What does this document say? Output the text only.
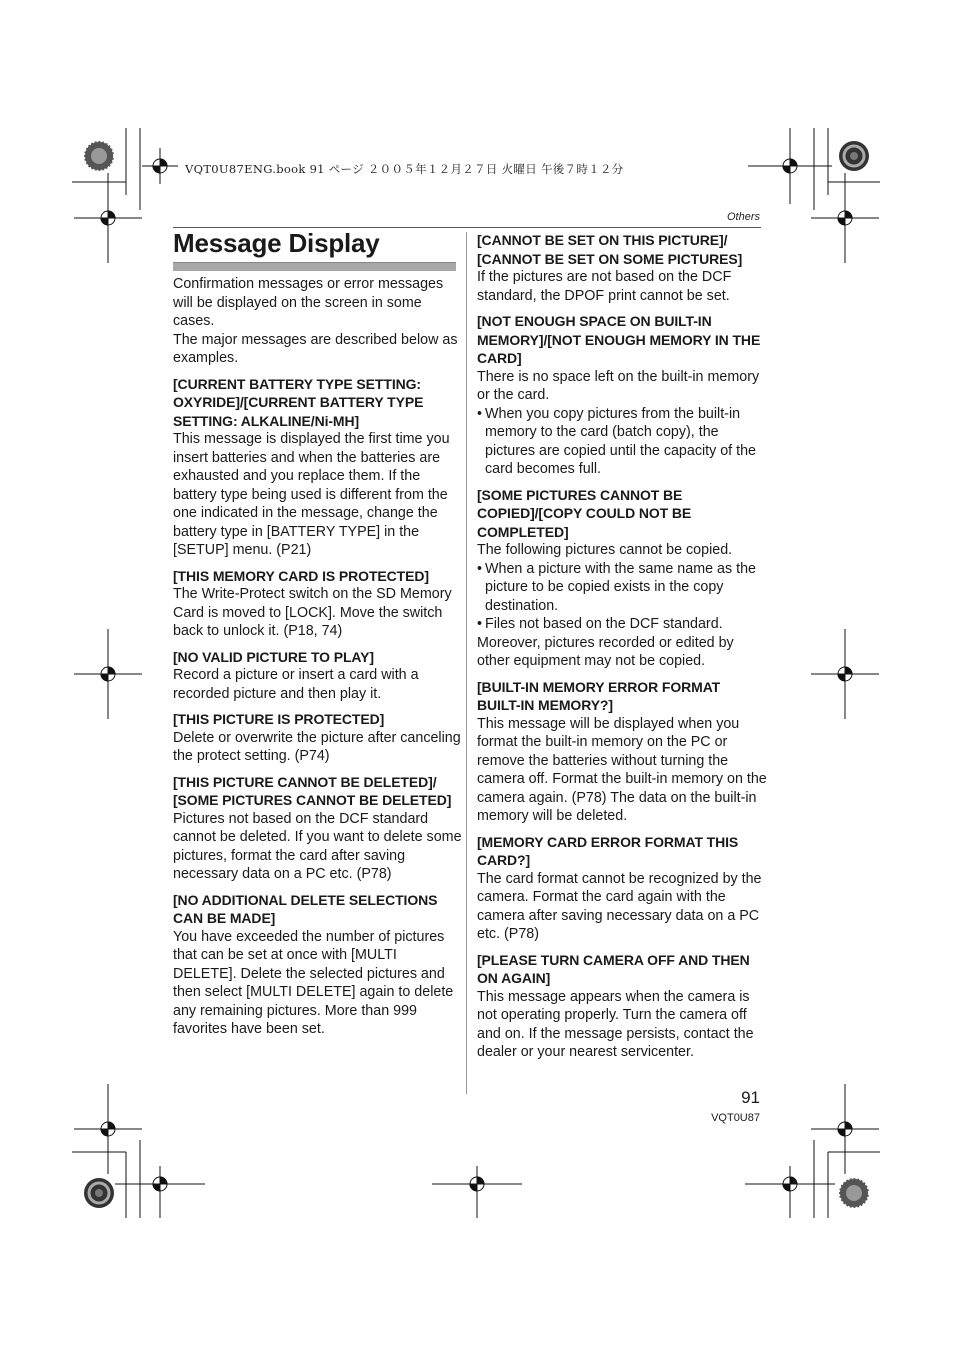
VQT0U87ENG.book 91 ページ ２００５年１２月２７日 火曜日 午後７時１２分
Others
Message Display

Confirmation messages or error messages will be displayed on the screen in some cases.

The major messages are described below as examples.

[CURRENT BATTERY TYPE SETTING: OXYRIDE]/[CURRENT BATTERY TYPE SETTING: ALKALINE/Ni-MH]

This message is displayed the first time you insert batteries and when the batteries are exhausted and you replace them. If the battery type being used is different from the one indicated in the message, change the battery type in [BATTERY TYPE] in the [SETUP] menu. (P21)

[THIS MEMORY CARD IS PROTECTED]

The Write-Protect switch on the SD Memory Card is moved to [LOCK]. Move the switch back to unlock it. (P18, 74)

[NO VALID PICTURE TO PLAY]

Record a picture or insert a card with a recorded picture and then play it.

[THIS PICTURE IS PROTECTED]

Delete or overwrite the picture after canceling the protect setting. (P74)

[THIS PICTURE CANNOT BE DELETED]/ [SOME PICTURES CANNOT BE DELETED]

Pictures not based on the DCF standard cannot be deleted. If you want to delete some pictures, format the card after saving necessary data on a PC etc. (P78)

[NO ADDITIONAL DELETE SELECTIONS CAN BE MADE]

You have exceeded the number of pictures that can be set at once with [MULTI DELETE]. Delete the selected pictures and then select [MULTI DELETE] again to delete any remaining pictures. More than 999 favorites have been set.

[CANNOT BE SET ON THIS PICTURE]/ [CANNOT BE SET ON SOME PICTURES]

If the pictures are not based on the DCF standard, the DPOF print cannot be set.

[NOT ENOUGH SPACE ON BUILT-IN MEMORY]/[NOT ENOUGH MEMORY IN THE CARD]

There is no space left on the built-in memory or the card.

• When you copy pictures from the built-in memory to the card (batch copy), the pictures are copied until the capacity of the card becomes full.
[SOME PICTURES CANNOT BE COPIED]/[COPY COULD NOT BE COMPLETED]

The following pictures cannot be copied.

• When a picture with the same name as the picture to be copied exists in the copy destination.
• Files not based on the DCF standard.

Moreover, pictures recorded or edited by other equipment may not be copied.

[BUILT-IN MEMORY ERROR FORMAT BUILT-IN MEMORY?]

This message will be displayed when you format the built-in memory on the PC or remove the batteries without turning the camera off. Format the built-in memory on the camera again. (P78) The data on the built-in memory will be deleted.

[MEMORY CARD ERROR FORMAT THIS CARD?]

The card format cannot be recognized by the camera. Format the card again with the camera after saving necessary data on a PC etc. (P78)

[PLEASE TURN CAMERA OFF AND THEN ON AGAIN]

This message appears when the camera is not operating properly. Turn the camera off and on. If the message persists, contact the dealer or your nearest servicenter.

91
VQT0U87
